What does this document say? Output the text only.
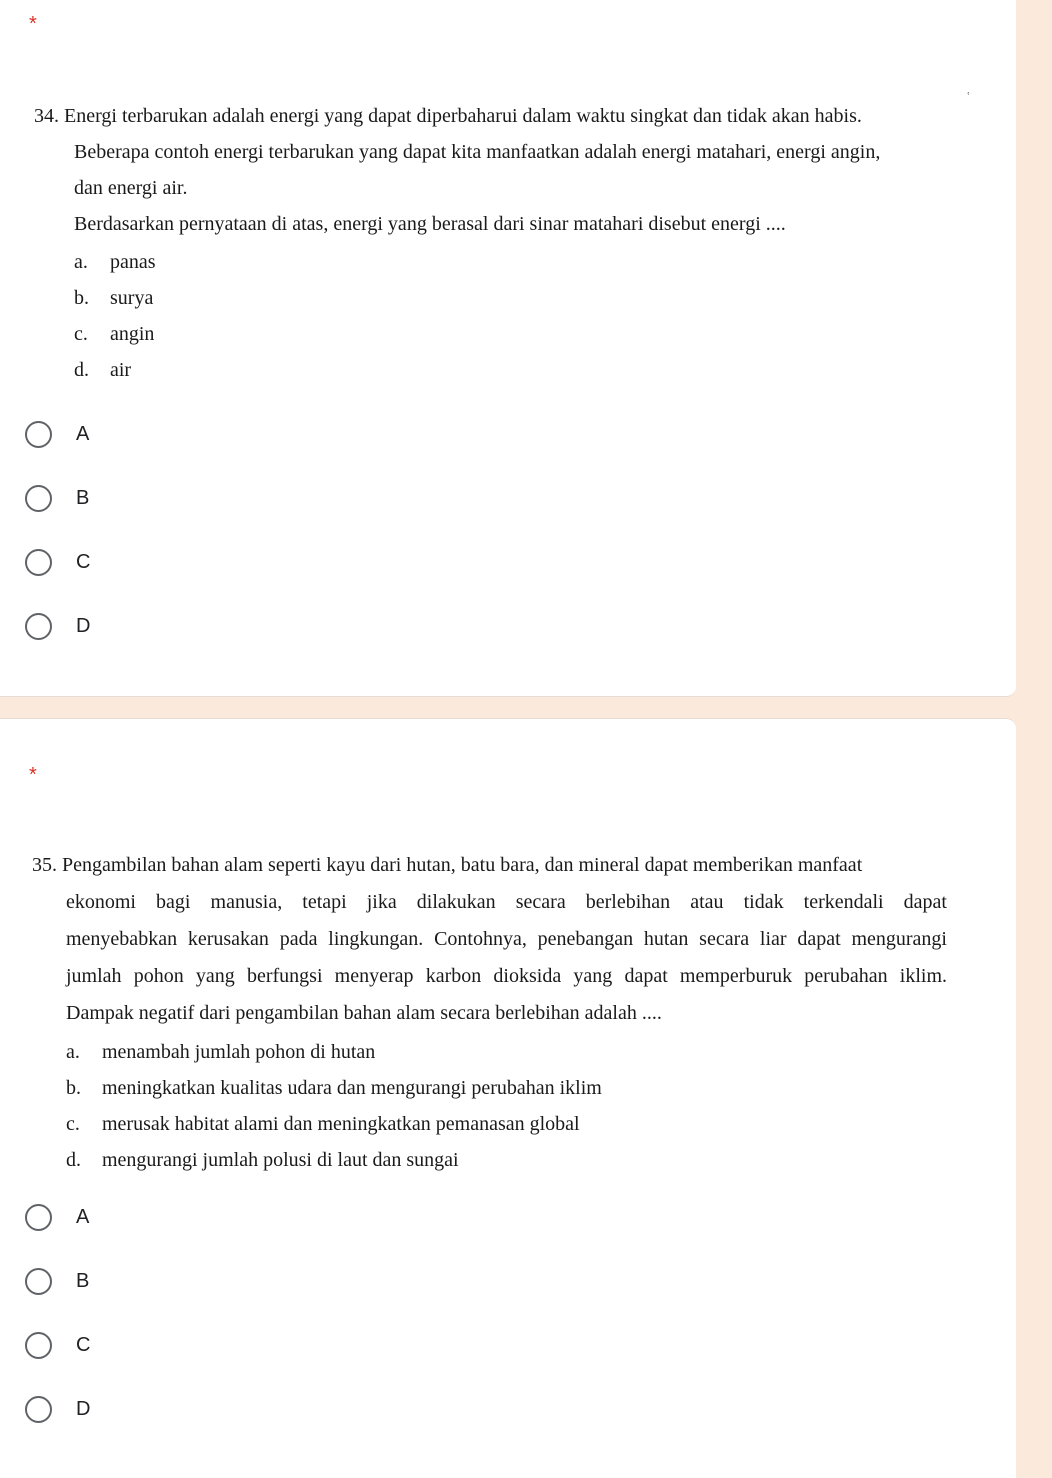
*
ʿ
34. Energi terbarukan adalah energi yang dapat diperbaharui dalam waktu singkat dan tidak akan habis.
Beberapa contoh energi terbarukan yang dapat kita manfaatkan adalah energi matahari, energi angin,
dan energi air.
Berdasarkan pernyataan di atas, energi yang berasal dari sinar matahari disebut energi ....
a. panas
b. surya
c. angin
d. air
A
B
C
D
*
35. Pengambilan bahan alam seperti kayu dari hutan, batu bara, dan mineral dapat memberikan manfaat
ekonomi bagi manusia, tetapi jika dilakukan secara berlebihan atau tidak terkendali dapat
menyebabkan kerusakan pada lingkungan. Contohnya, penebangan hutan secara liar dapat mengurangi
jumlah pohon yang berfungsi menyerap karbon dioksida yang dapat memperburuk perubahan iklim.
Dampak negatif dari pengambilan bahan alam secara berlebihan adalah ....
a. menambah jumlah pohon di hutan
b. meningkatkan kualitas udara dan mengurangi perubahan iklim
c. merusak habitat alami dan meningkatkan pemanasan global
d. mengurangi jumlah polusi di laut dan sungai
A
B
C
D
